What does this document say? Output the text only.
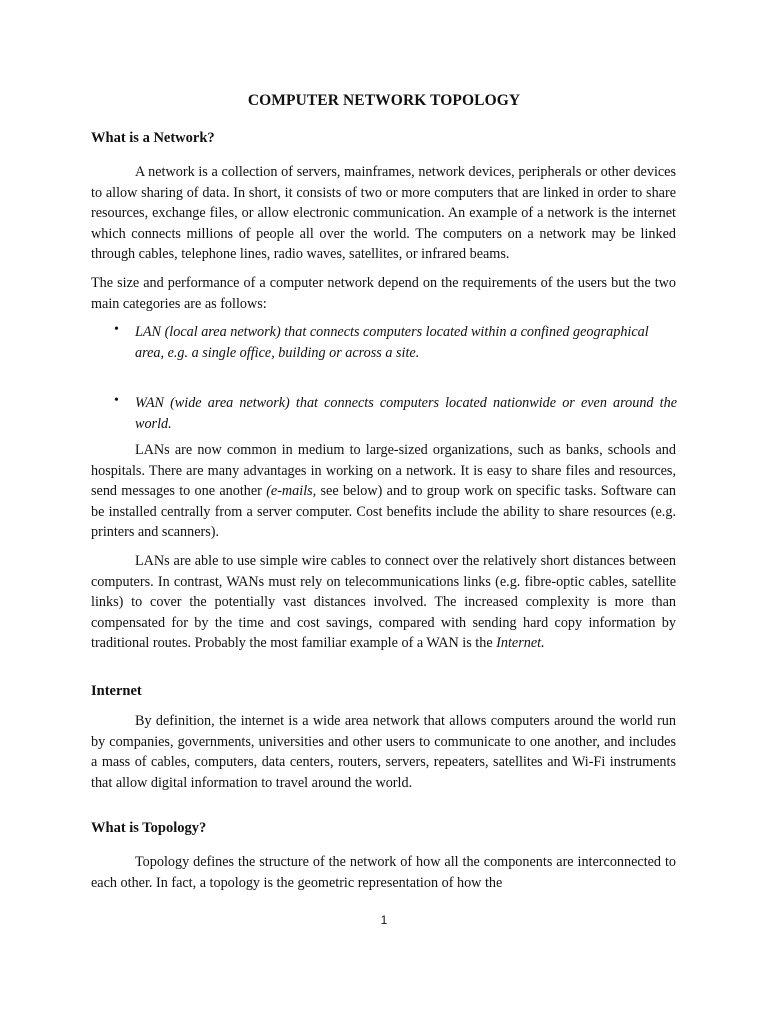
COMPUTER NETWORK TOPOLOGY
What is a Network?

A network is a collection of servers, mainframes, network devices, peripherals or other devices to allow sharing of data. In short, it consists of two or more computers that are linked in order to share resources, exchange files, or allow electronic communication. An example of a network is the internet which connects millions of people all over the world. The computers on a network may be linked through cables, telephone lines, radio waves, satellites, or infrared beams.

The size and performance of a computer network depend on the requirements of the users but the two main categories are as follows:

• LAN (local area network) that connects computers located within a confined geographical
area, e.g. a single office, building or across a site.

• WAN (wide area network) that connects computers located nationwide or even around the world.

LANs are now common in medium to large-sized organizations, such as banks, schools and hospitals. There are many advantages in working on a network. It is easy to share files and resources, send messages to one another (e-mails, see below) and to group work on specific tasks. Software can be installed centrally from a server computer. Cost benefits include the ability to share resources (e.g. printers and scanners).

LANs are able to use simple wire cables to connect over the relatively short distances between computers. In contrast, WANs must rely on telecommunications links (e.g. fibre-optic cables, satellite links) to cover the potentially vast distances involved. The increased complexity is more than compensated for by the time and cost savings, compared with sending hard copy information by traditional routes. Probably the most familiar example of a WAN is the Internet.

Internet

By definition, the internet is a wide area network that allows computers around the world run by companies, governments, universities and other users to communicate to one another, and includes a mass of cables, computers, data centers, routers, servers, repeaters, satellites and Wi-Fi instruments that allow digital information to travel around the world.

What is Topology?

Topology defines the structure of the network of how all the components are interconnected to each other. In fact, a topology is the geometric representation of how the

1
